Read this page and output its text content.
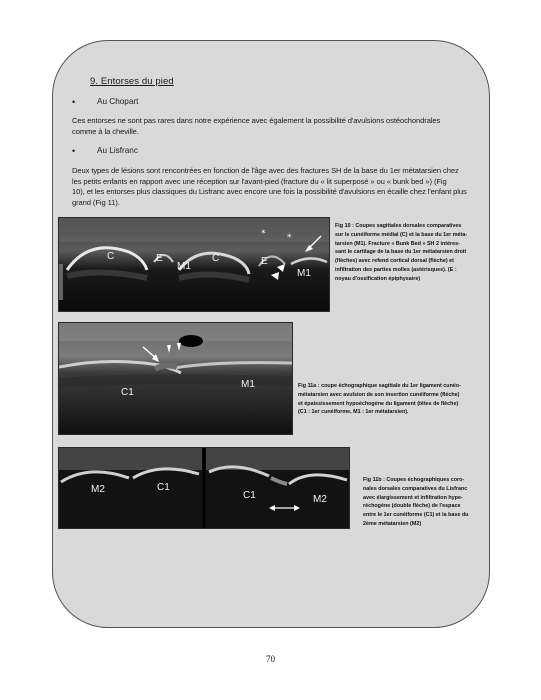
9. Entorses du pied
•	Au Chopart
Ces entorses ne sont pas rares dans notre expérience avec également la possibilité d'avulsions ostéochondrales
comme à la cheville.
•	Au Lisfranc
Deux types de lésions sont rencontrées en fonction de l'âge avec des fractures SH de la base du 1er métatarsien chez
les petits enfants en rapport avec une réception sur l'avant-pied (fracture du « lit superposé » ou « bunk bed ») (Fig
10), et les entorses plus classiques du Lisfranc avec encore une fois la possibilité d'avulsions en écaille chez l'enfant plus
grand (Fig 11).
* *
C	E
M1
C	E
M1
Fig 10 : Coupes sagittales dorsales comparatives
sur le cunéiforme médial (C) et la base du 1er méta-
tarsien (M1). Fracture « Bunk Bed » SH 2 intéres-
sant le cartilage de la base du 1er métatarsien droit
(flèches) avec refend cortical dorsal (flèche) et
infiltration des parties molles (astérisques). (E :
noyau d'ossification épiphysaire)
C1
M1	Fig 11a : coupe échographique sagittale du 1er ligament cunéo-
métatarsien avec avulsion de son insertion cunéiforme (flèche)
et épaississement hypoéchogène du ligament (têtes de flèche)
(C1 : 1er cunéiforme, M1 : 1er métatarsien).
M2	C1
C1	M2
Fig 11b : Coupes échographiques coro-
nales dorsales comparatives du Lisfranc
avec élargissement et infiltration hype-
réchogène (double flèche) de l'espace
entre le 1er cunéiforme (C1) et la base du
2ème métatarsien (M2)
70
